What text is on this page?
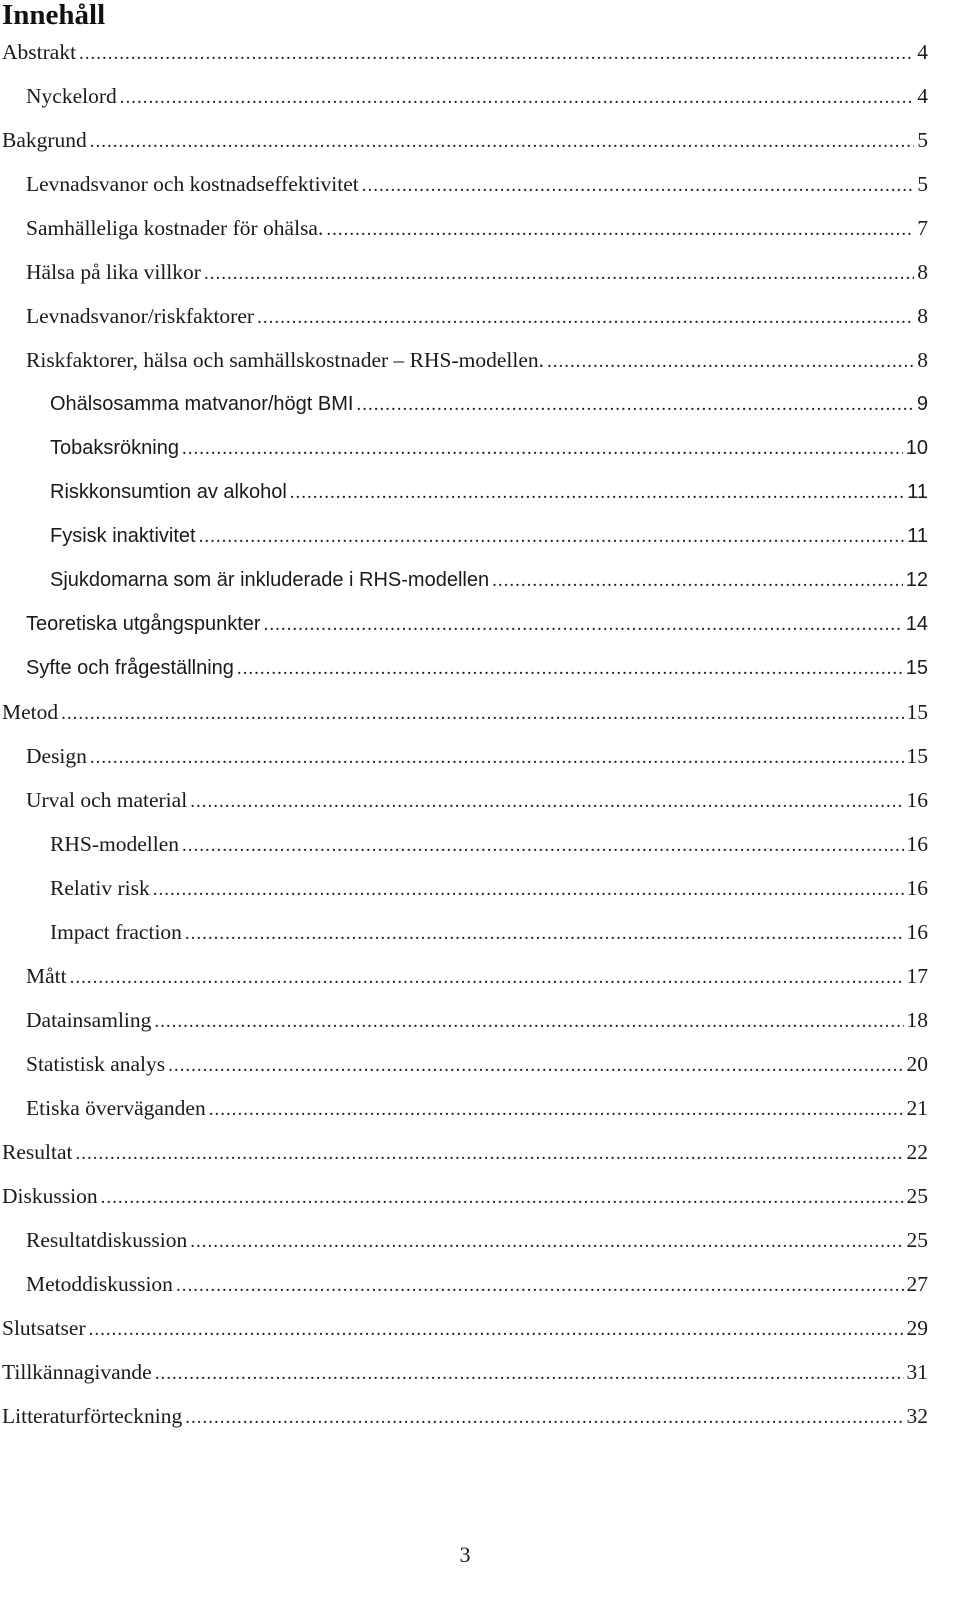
Innehåll
Abstrakt .....	4
Nyckelord .....	4
Bakgrund .....	5
Levnadsvanor och kostnadseffektivitet .....	5
Samhälleliga kostnader för ohälsa. .....	7
Hälsa på lika villkor .....	8
Levnadsvanor/riskfaktorer .....	8
Riskfaktorer, hälsa och samhällskostnader – RHS-modellen. .....	8
Ohälsosamma matvanor/högt BMI .....	9
Tobaksrökning .....	10
Riskkonsumtion av alkohol .....	11
Fysisk inaktivitet .....	11
Sjukdomarna som är inkluderade i RHS-modellen .....	12
Teoretiska utgångspunkter .....	14
Syfte och frågeställning .....	15
Metod .....	15
Design .....	15
Urval och material .....	16
RHS-modellen .....	16
Relativ risk .....	16
Impact fraction .....	16
Mått .....	17
Datainsamling .....	18
Statistisk analys .....	20
Etiska överväganden .....	21
Resultat .....	22
Diskussion .....	25
Resultatdiskussion .....	25
Metoddiskussion .....	27
Slutsatser .....	29
Tillkännagivande .....	31
Litteraturförteckning .....	32
3
